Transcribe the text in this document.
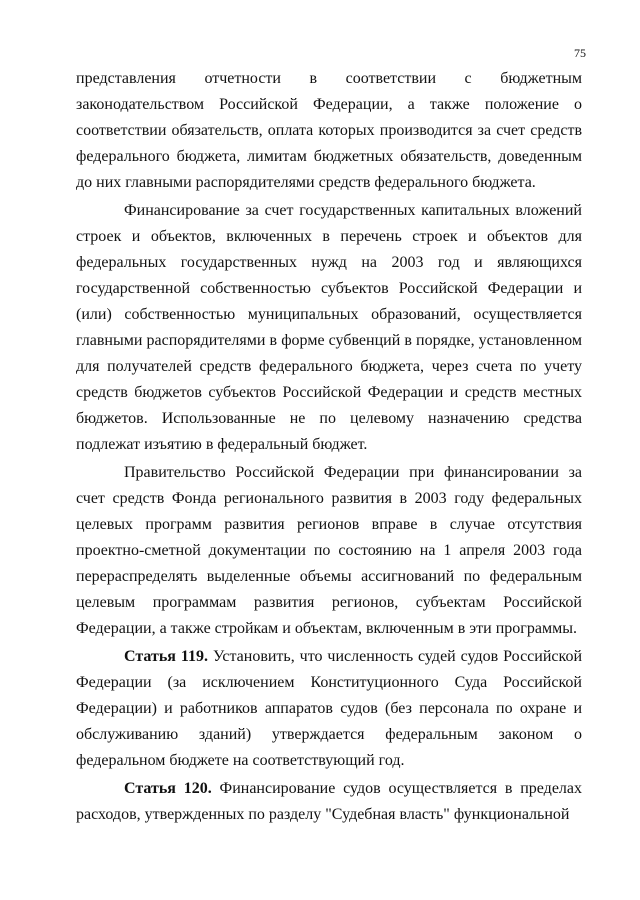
75

представления отчетности в соответствии с бюджетным законодательством Российской Федерации, а также положение о соответствии обязательств, оплата которых производится за счет средств федерального бюджета, лимитам бюджетных обязательств, доведенным до них главными распорядителями средств федерального бюджета.

Финансирование за счет государственных капитальных вложений строек и объектов, включенных в перечень строек и объектов для федеральных государственных нужд на 2003 год и являющихся государственной собственностью субъектов Российской Федерации и (или) собственностью муниципальных образований, осуществляется главными распорядителями в форме субвенций в порядке, установленном для получателей средств федерального бюджета, через счета по учету средств бюджетов субъектов Российской Федерации и средств местных бюджетов. Использованные не по целевому назначению средства подлежат изъятию в федеральный бюджет.

Правительство Российской Федерации при финансировании за счет средств Фонда регионального развития в 2003 году федеральных целевых программ развития регионов вправе в случае отсутствия проектно-сметной документации по состоянию на 1 апреля 2003 года перераспределять выделенные объемы ассигнований по федеральным целевым программам развития регионов, субъектам Российской Федерации, а также стройкам и объектам, включенным в эти программы.

Статья 119. Установить, что численность судей судов Российской Федерации (за исключением Конституционного Суда Российской Федерации) и работников аппаратов судов (без персонала по охране и обслуживанию зданий) утверждается федеральным законом о федеральном бюджете на соответствующий год.

Статья 120. Финансирование судов осуществляется в пределах расходов, утвержденных по разделу "Судебная власть" функциональной
